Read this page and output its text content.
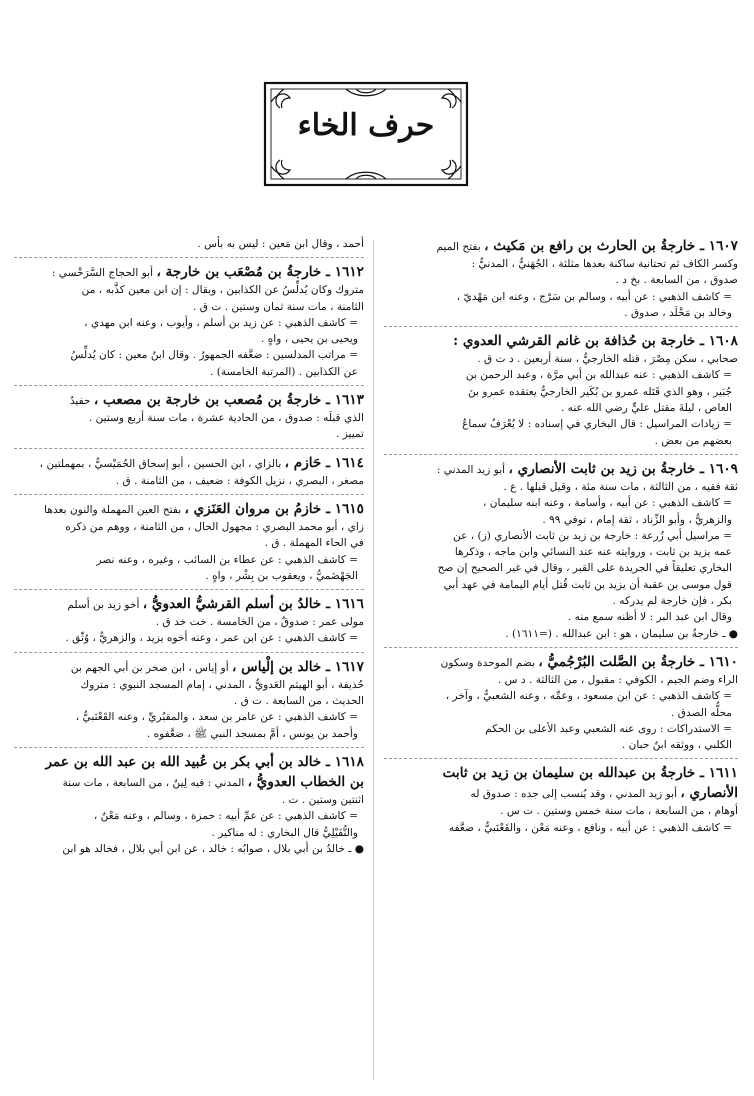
حرف الخاء

١٦٠٧ ـ خارجةُ بن الحارث بن رافع بن مَكيث ، بفتح الميم

وكسر الكاف ثم تحتانية ساكنة بعدها مثلثة ، الجُهَنيُّ ، المدنيُّ :

صدوق ، من السابعة . بخ د .

= كاشف الذهبي : عن أبيه ، وسالم بن سَرْج ، وعنه ابن مَهْديّ ،

وخالد بن مَخْلَد ، صدوق .

١٦٠٨ ـ خارجة بن حُذافة بن غانم القرشي العدوي :

صحابي ، سكن مِصْرَ ، قتله الخارجيُّ ، سنة أربعين . د ت ق .

= كاشف الذهبي : عنه عبدالله بن أبي مرَّة ، وعبد الرحمن بن

جُبَير ، وهو الذي قَتَله عمرو بن بُكَير الخارجيُّ يعتقده عمرو بنَ

العاص ، ليلةَ مقتل عليٍّ رضي الله عنه .

= زيادات المراسيل : قال البخاري في إسناده : لا يُعْرَفُ سماعُ

بعضهم من بعض .

١٦٠٩ ـ خارجةُ بن زيد بن ثابت الأنصاري ، أبو زيد المدني :

ثقة فقيه ، من الثالثة ، مات سنة مئة ، وقيل قبلها . ع .

= كاشف الذهبي : عن أبيه ، وأسامة ، وعنه ابنه سليمان ،

والزهريُّ ، وأبو الزِّناد ، ثقة إمام ، توفي ٩٩ .

= مراسيل أبي زُرعة : خارجة بن زيد بن ثابت الأنصاري (ز) ، عن

عمه يزيد بن ثابت ، وروايته عنه عند النسائي وابن ماجه ، وذكرها

البخاري تعليقاً في الجريدة على القبر ، وقال في غير الصحيح إن صح

قول موسى بن عقبة أن يزيد بن ثابت قُتل أيام اليمامة في عهد أبي

بكر ، فإن خارجة لم يدركه .

وقال ابن عبد البر : لا أظنه سمع منه .

● ـ خارجةُ بن سليمان ، هو : ابن عبدالله . (=١٦١١) .

١٦١٠ ـ خارجةُ بن الصَّلت البُرْجُميُّ ، بضم الموحدة وسكون

الراء وضم الجيم ، الكوفي : مقبول ، من الثالثة . د س .

= كاشف الذهبي : عن ابن مسعود ، وعمِّه ، وعنه الشعبيُّ ، وآخر ،

محلُّه الصدق .

= الاستدراكات : روى عنه الشعبي وعبد الأعلى بن الحكم

الكلبي ، ووثقه ابنُ حبان .

١٦١١ ـ خارجةُ بن عبدالله بن سليمان بن زيد بن ثابت

الأنصاري ، أبو زيد المدني ، وقد يُنسب إلى جده : صدوق له

أوهام ، من السابعة ، مات سنة خمس وستين . ت س .

= كاشف الذهبي : عن أبيه ، ونافع ، وعنه مَعْن ، والقَعْنَبيُّ ، ضعَّفه

أحمد ، وقال ابن مَعين : ليس به بأس .

١٦١٢ ـ خارجةُ بن مُصْعَب بن خارجة ، أبو الحجاج السَّرَخْسي :

متروك وكان يُدلِّسُ عن الكذابين ، ويقال : إن ابن معين كذَّبه ، من

الثامنة ، مات سنة ثمان وستين . ت ق .

= كاشف الذهبي : عن زيد بن أسلم ، وأيوب ، وعنه ابن مهدي ،

ويحيى بن يحيى ، واهٍ .

= مراتب المدلسين : ضعَّفه الجمهورُ . وقال ابنُ معين : كان يُدلِّسُ

عن الكذابين . (المرتبة الخامسة) .

١٦١٣ ـ خارجةُ بن مُصعب بن خارجة بن مصعب ، حفيدُ

الذي قبلَه : صدوق ، من الحادية عشرة ، مات سنة أربع وستين .

تمييز .

١٦١٤ ـ حَازم ، بالزاي ، ابن الحسين ، أبو إسحاق الحُمَيْسيُّ ، بمهملتين ،

مصغر ، البصري ، نزيل الكوفة : ضعيف ، من الثامنة . ق .

١٦١٥ ـ خازمُ بن مروان العَنَزي ، بفتح العين المهملة والنون بعدها

زاي ، أبو محمد البصري : مجهول الحال ، من الثامنة ، ووهم من ذكره

في الحاء المهملة . ق .

= كاشف الذهبي : عن عطاء بن السائب ، وغيره ، وعنه نصر

الجَهْضَميُّ ، ويعقوب بن بِشْر ، واهٍ .

١٦١٦ ـ خالدُ بن أسلم القرشيُّ العدويُّ ، أخو زيد بن أسلم

مولى عمر : صدوقٌ ، من الخامسة . خت خد ق .

= كاشف الذهبي : عن ابن عمر ، وعنه أخوه يزيد ، والزهريُّ ، وُثّق .

١٦١٧ ـ خالد بن إلْياس ، أو إياس ، ابن صخر بن أبي الجهم بن

حُذيفة ، أبو الهيثم العَدويُّ ، المدني ، إمام المسجد النبوي : متروك

الحديث ، من السابعة . ت ق .

= كاشف الذهبي : عن عامر بن سعد ، والمقبُريِّ ، وعنه القَعْنَبيُّ ،

وأحمد بن يونس ، أمَّ بمسجد النبي ﷺ ، ضعَّفوه .

١٦١٨ ـ خالد بن أبي بكر بن عُبيد الله بن عبد الله بن عمر

بن الخطاب العدويُّ ، المدني : فيه لِينٌ ، من السابعة ، مات سنة

اثنتين وستين . ت .

= كاشف الذهبي : عن عمِّ أبيه : حمزة ، وسالم ، وعنه مَعْنٌ ،

والنُّفَيْلِيُّ قال البخاري : له مناكير .

● ـ خالدُ بن أبي بلال ، صوابُه : خالد ، عن ابن أبي بلال ، فخالد هو ابن
